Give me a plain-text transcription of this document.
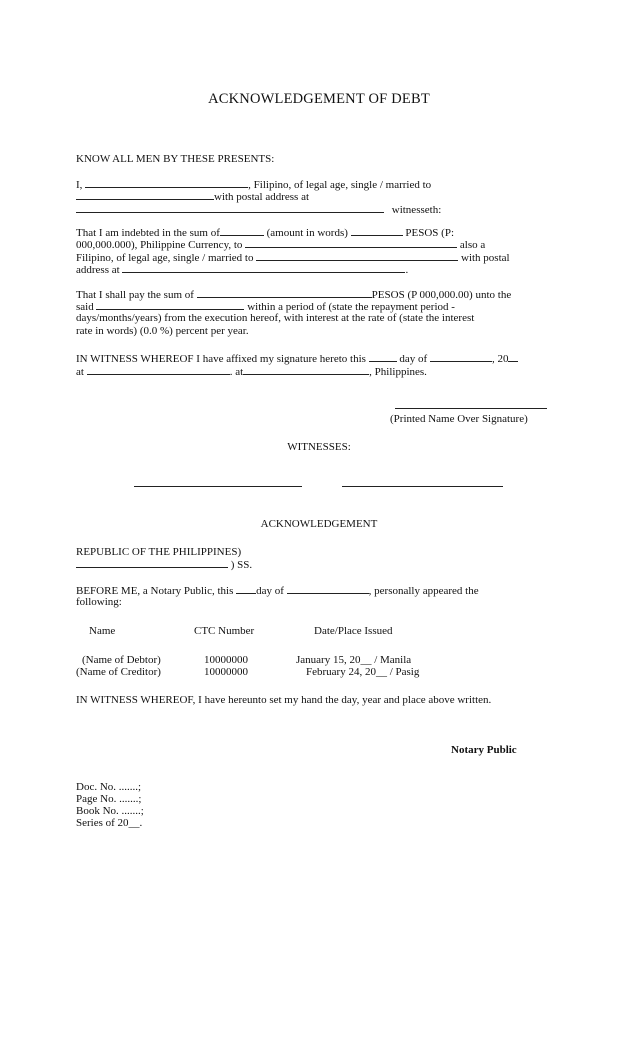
ACKNOWLEDGEMENT OF DEBT
KNOW ALL MEN BY THESE PRESENTS:
I,	, Filipino, of legal age, single / married to
with postal address at
witnesseth:
That I am indebted in the sum of	(amount in words)	PESOS (P:
000,000.000), Philippine Currency, to	also a
Filipino, of legal age, single / married to	with postal
address at	.
That I shall pay the sum of	PESOS (P 000,000.00) unto the
said	within a period of (state the repayment period -
days/months/years) from the execution hereof, with interest at the rate of (state the interest
rate in words) (0.0 %) percent per year.
IN WITNESS WHEREOF I have affixed my signature hereto this	day of	, 20
at	. at	, Philippines.
(Printed Name Over Signature)
WITNESSES:
ACKNOWLEDGEMENT
REPUBLIC OF THE PHILIPPINES)
) SS.
BEFORE ME, a Notary Public, this day of	, personally appeared the
following:
Name	CTC Number	Date/Place Issued
(Name of Debtor)	10000000	January 15, 20__ / Manila
(Name of Creditor)	10000000	February 24, 20__ / Pasig
IN WITNESS WHEREOF, I have hereunto set my hand the day, year and place above written.
Notary Public
Doc. No. .......;
Page No. .......;
Book No. .......;
Series of 20__.
